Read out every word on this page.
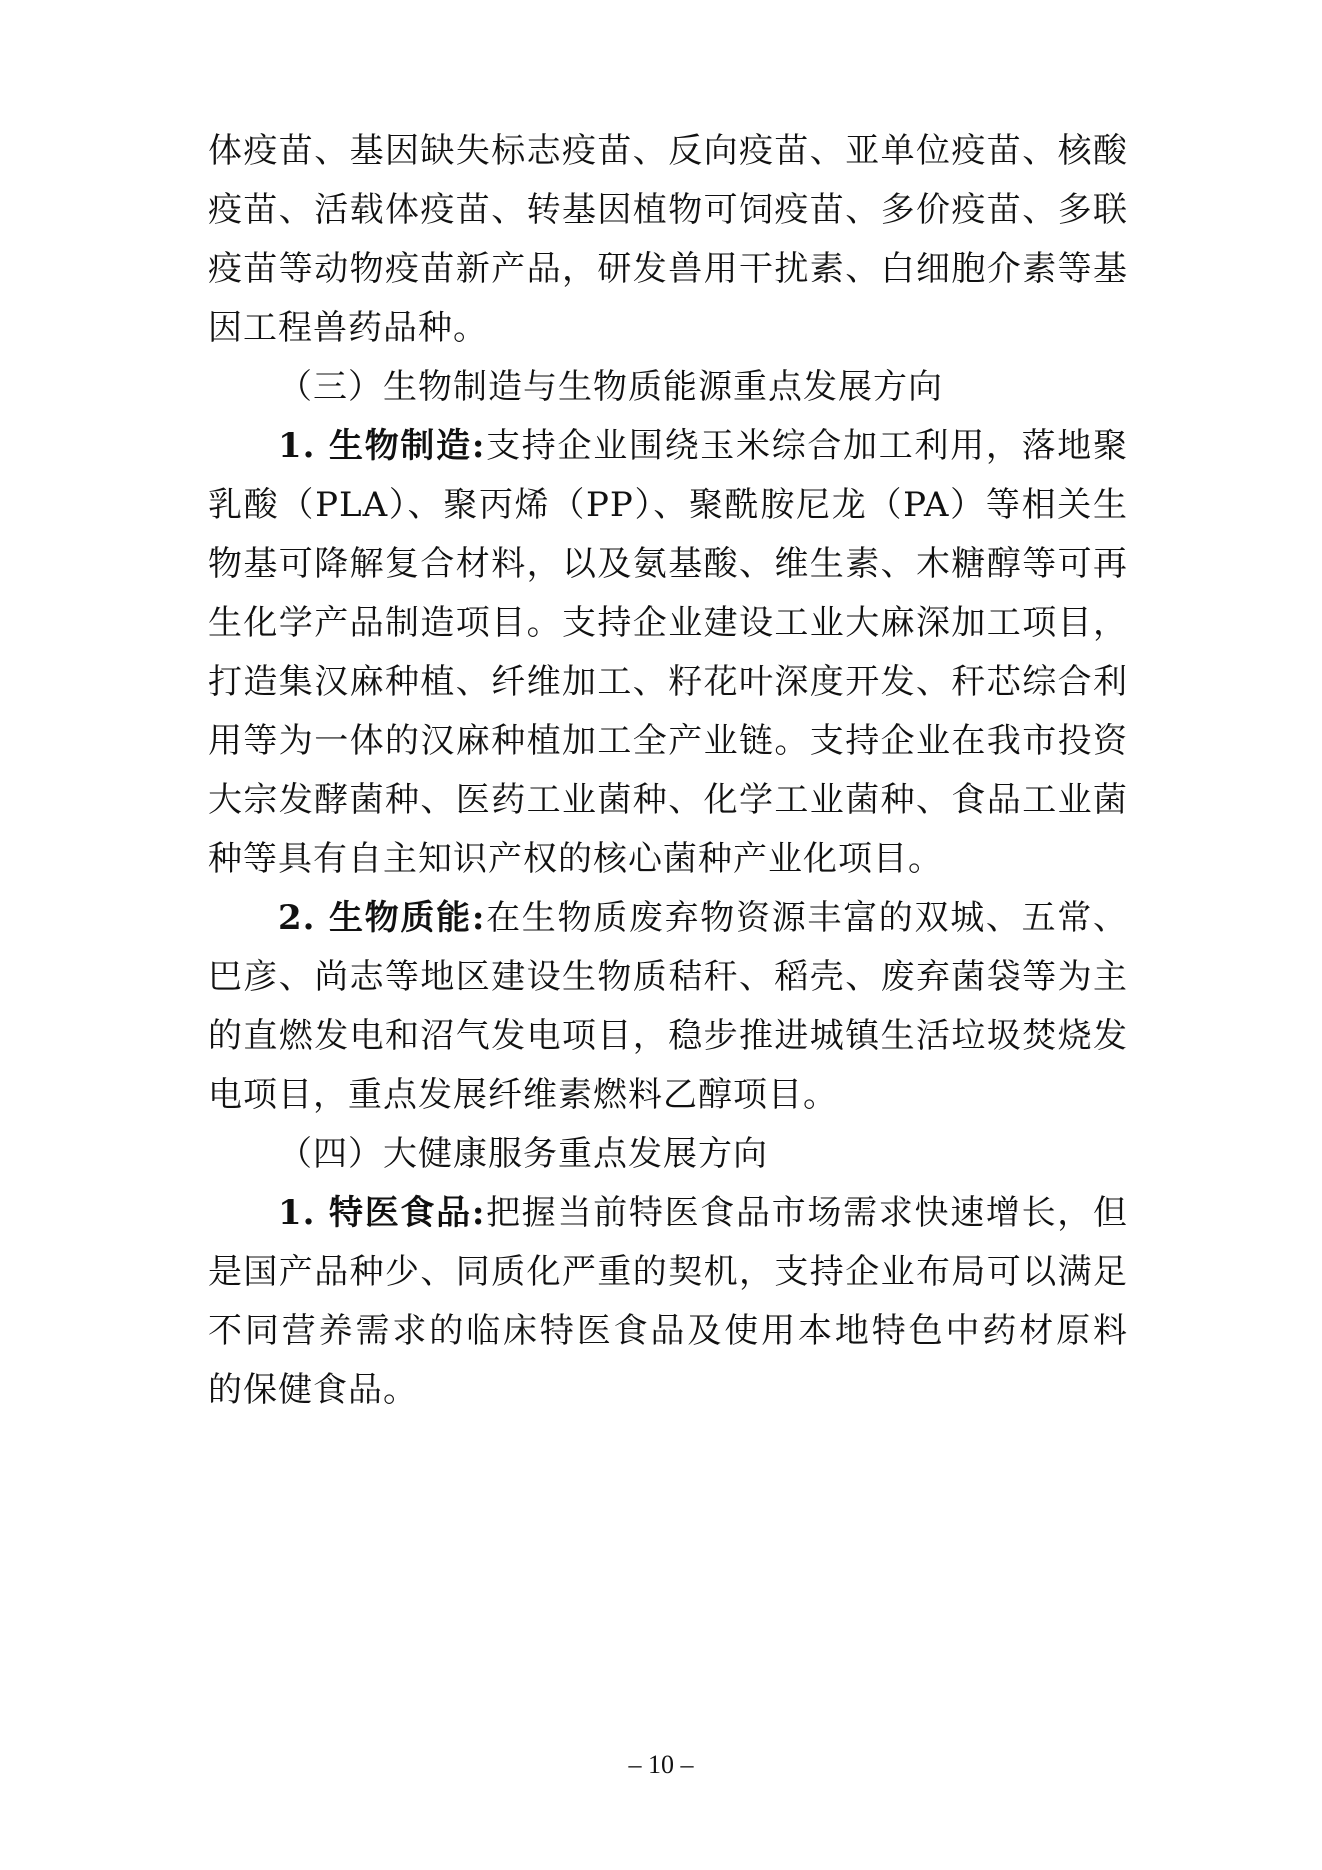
体疫苗、基因缺失标志疫苗、反向疫苗、亚单位疫苗、核酸
疫苗、活载体疫苗、转基因植物可饲疫苗、多价疫苗、多联
疫苗等动物疫苗新产品，研发兽用干扰素、白细胞介素等基
因工程兽药品种。
（三）生物制造与生物质能源重点发展方向
1. 生物制造:支持企业围绕玉米综合加工利用，落地聚
乳酸（PLA）、聚丙烯（PP）、聚酰胺尼龙（PA）等相关生
物基可降解复合材料，以及氨基酸、维生素、木糖醇等可再
生化学产品制造项目。支持企业建设工业大麻深加工项目，
打造集汉麻种植、纤维加工、籽花叶深度开发、秆芯综合利
用等为一体的汉麻种植加工全产业链。支持企业在我市投资
大宗发酵菌种、医药工业菌种、化学工业菌种、食品工业菌
种等具有自主知识产权的核心菌种产业化项目。
2. 生物质能:在生物质废弃物资源丰富的双城、五常、
巴彦、尚志等地区建设生物质秸秆、稻壳、废弃菌袋等为主
的直燃发电和沼气发电项目，稳步推进城镇生活垃圾焚烧发
电项目，重点发展纤维素燃料乙醇项目。
（四）大健康服务重点发展方向
1. 特医食品:把握当前特医食品市场需求快速增长，但
是国产品种少、同质化严重的契机，支持企业布局可以满足
不同营养需求的临床特医食品及使用本地特色中药材原料
的保健食品。
– 10 –
